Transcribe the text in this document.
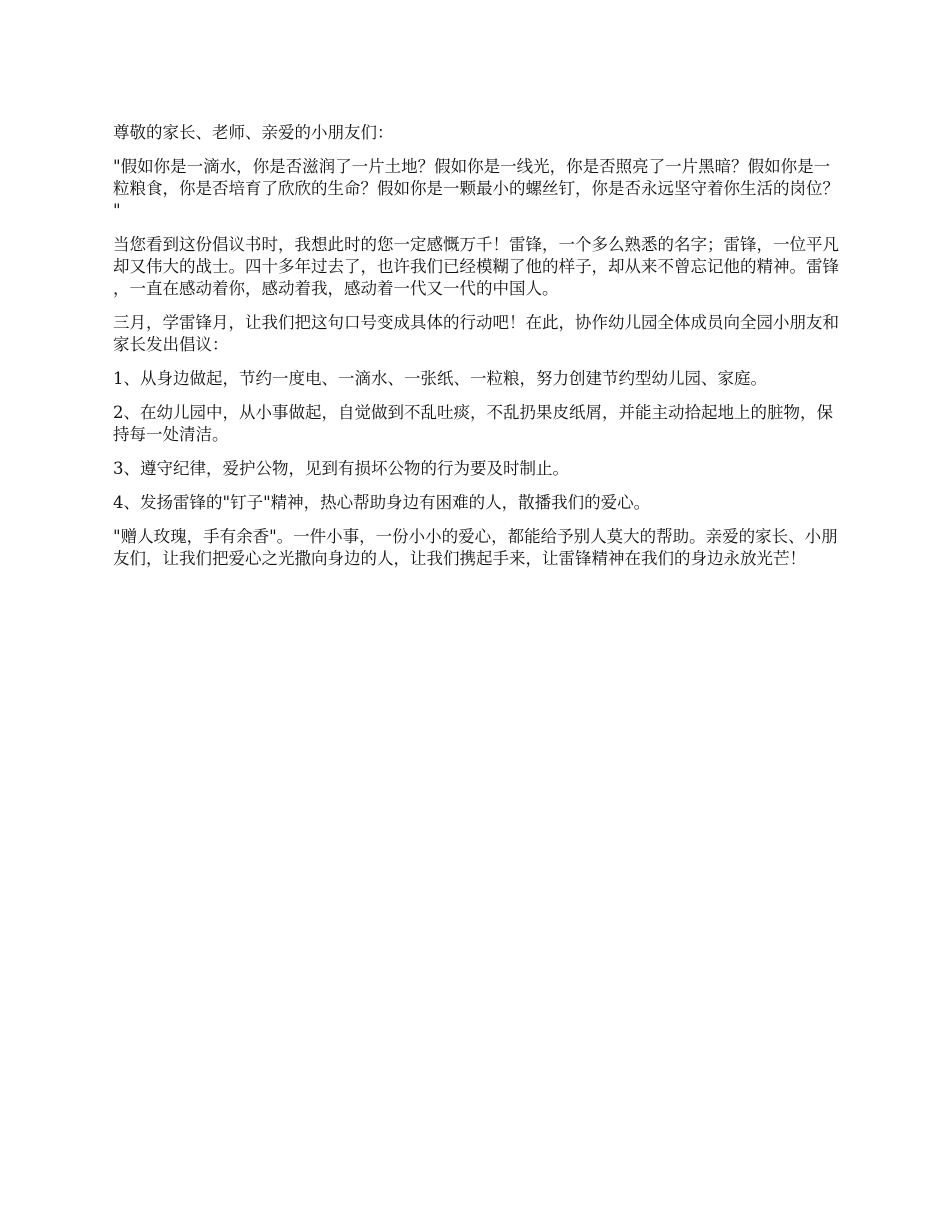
尊敬的家长、老师、亲爱的小朋友们：

"假如你是一滴水，你是否滋润了一片土地？假如你是一线光，你是否照亮了一片黑暗？假如你是一粒粮食，你是否培育了欣欣的生命？假如你是一颗最小的螺丝钉，你是否永远坚守着你生活的岗位？"

当您看到这份倡议书时，我想此时的您一定感慨万千！雷锋，一个多么熟悉的名字；雷锋，一位平凡却又伟大的战士。四十多年过去了，也许我们已经模糊了他的样子，却从来不曾忘记他的精神。雷锋，一直在感动着你，感动着我，感动着一代又一代的中国人。

三月，学雷锋月，让我们把这句口号变成具体的行动吧！在此，协作幼儿园全体成员向全园小朋友和家长发出倡议：

1、从身边做起，节约一度电、一滴水、一张纸、一粒粮，努力创建节约型幼儿园、家庭。

2、在幼儿园中，从小事做起，自觉做到不乱吐痰，不乱扔果皮纸屑，并能主动拾起地上的脏物，保持每一处清洁。

3、遵守纪律，爱护公物，见到有损坏公物的行为要及时制止。

4、发扬雷锋的"钉子"精神，热心帮助身边有困难的人，散播我们的爱心。

"赠人玫瑰，手有余香"。一件小事，一份小小的爱心，都能给予别人莫大的帮助。亲爱的家长、小朋友们，让我们把爱心之光撒向身边的人，让我们携起手来，让雷锋精神在我们的身边永放光芒！
